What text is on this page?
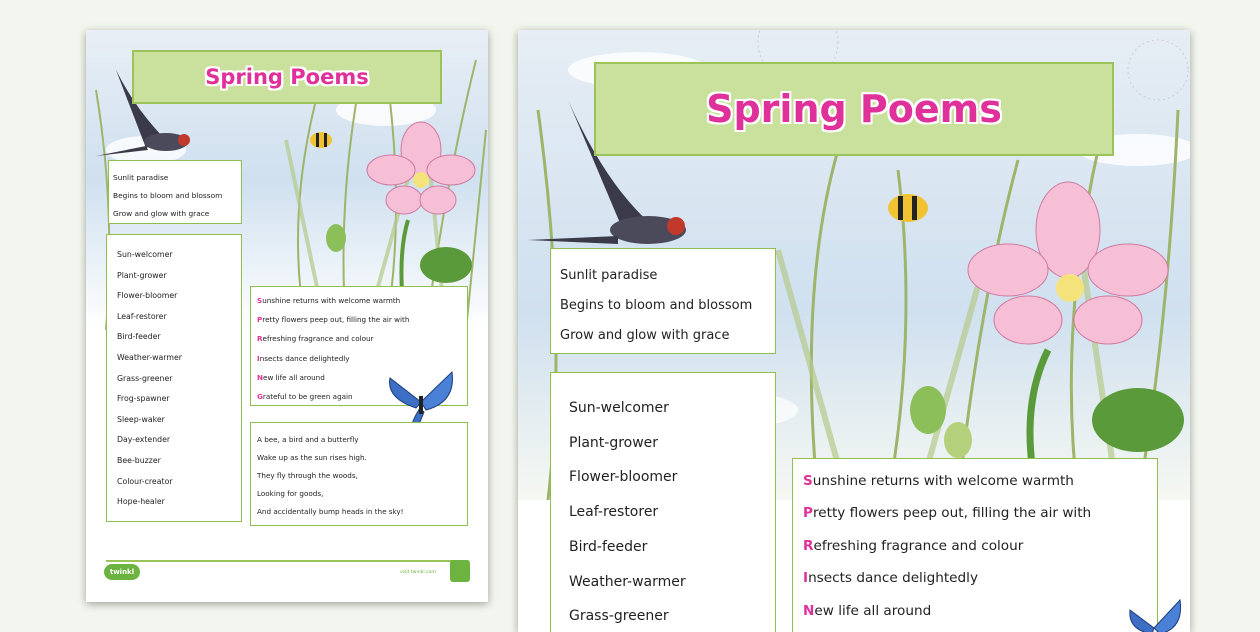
Spring Poems
Sunlit paradise
Begins to bloom and blossom
Grow and glow with grace
Sun-welcomer
Plant-grower
Flower-bloomer
Leaf-restorer
Bird-feeder
Weather-warmer
Grass-greener
Frog-spawner
Sleep-waker
Day-extender
Bee-buzzer
Colour-creator
Hope-healer
Sunshine returns with welcome warmth
Pretty flowers peep out, filling the air with
Refreshing fragrance and colour
Insects dance delightedly
New life all around
Grateful to be green again
A bee, a bird and a butterfly
Wake up as the sun rises high.
They fly through the woods,
Looking for goods,
And accidentally bump heads in the sky!
twinkl	visit twinkl.com
Spring Poems
Sunlit paradise
Begins to bloom and blossom
Grow and glow with grace
Sun-welcomer
Plant-grower
Flower-bloomer
Leaf-restorer
Bird-feeder
Weather-warmer
Grass-greener
Sunshine returns with welcome warmth
Pretty flowers peep out, filling the air with
Refreshing fragrance and colour
Insects dance delightedly
New life all around
